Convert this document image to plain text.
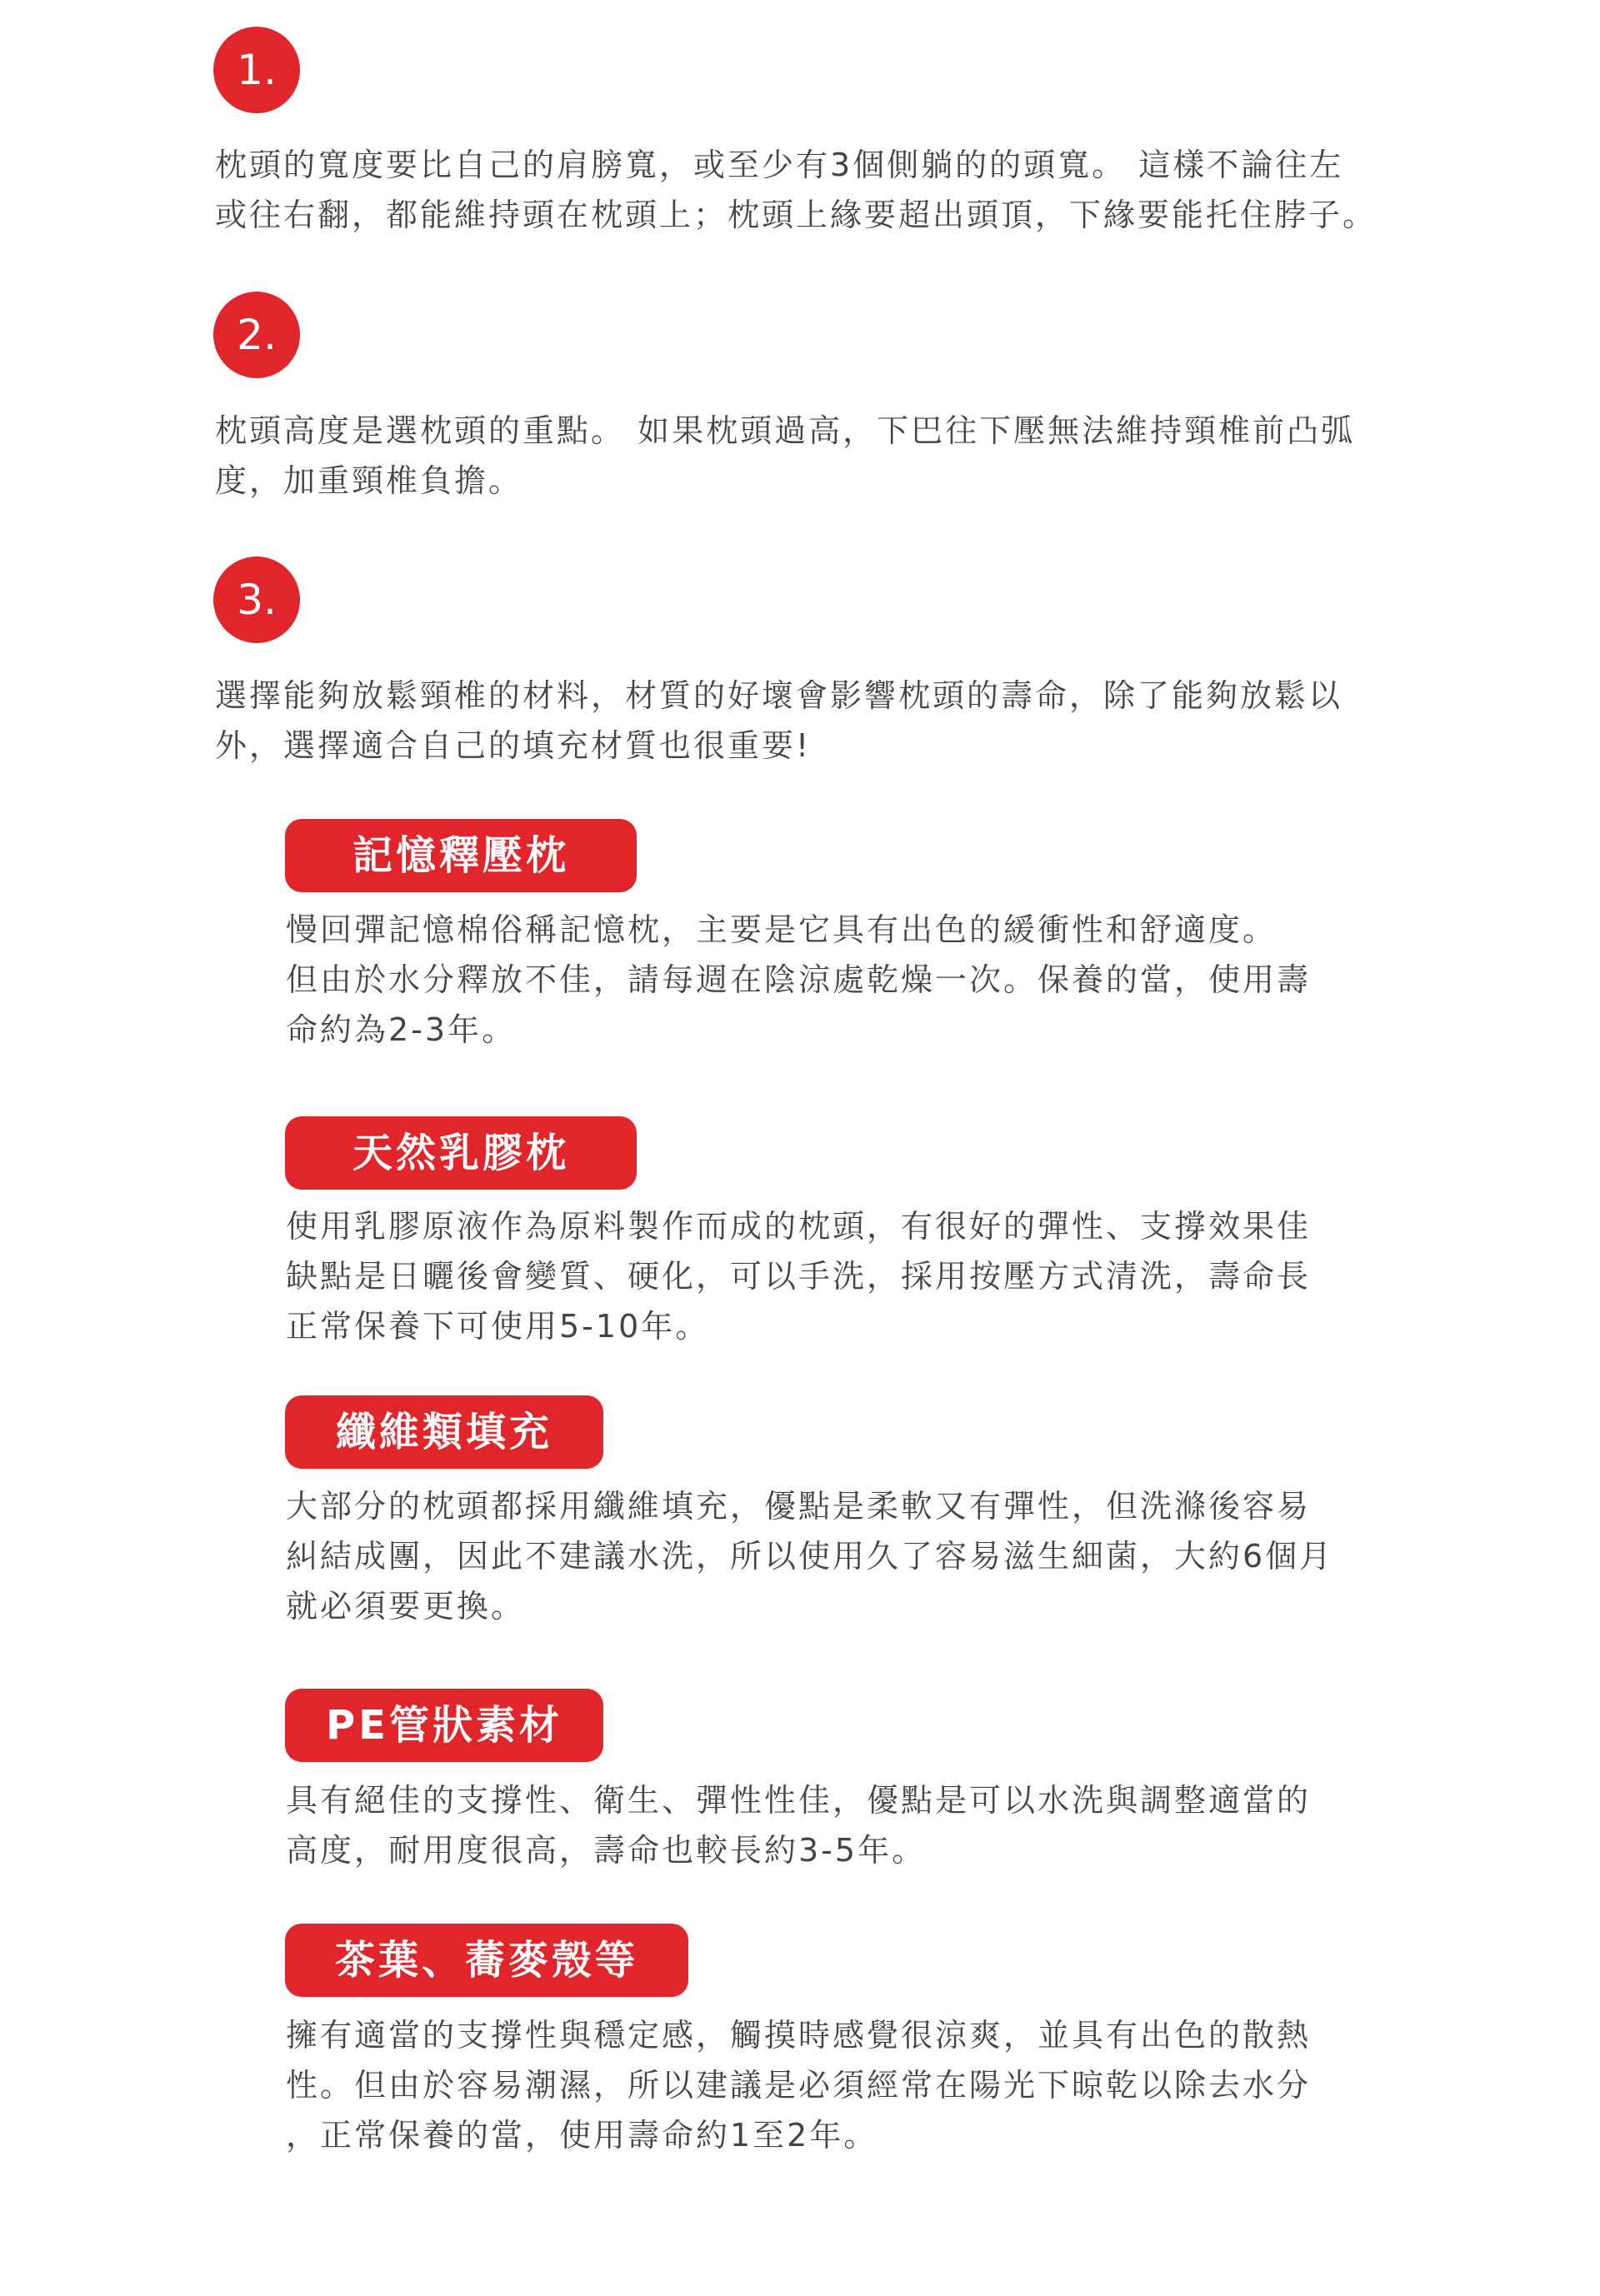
1.
枕頭的寬度要比自己的肩膀寬，或至少有3個側躺的的頭寬。 這樣不論往左
或往右翻，都能維持頭在枕頭上；枕頭上緣要超出頭頂，下緣要能托住脖子。
2.
枕頭高度是選枕頭的重點。 如果枕頭過高，下巴往下壓無法維持頸椎前凸弧
度，加重頸椎負擔。
3.
選擇能夠放鬆頸椎的材料，材質的好壞會影響枕頭的壽命，除了能夠放鬆以
外，選擇適合自己的填充材質也很重要!
記憶釋壓枕
慢回彈記憶棉俗稱記憶枕，主要是它具有出色的緩衝性和舒適度。
但由於水分釋放不佳，請每週在陰涼處乾燥一次。保養的當，使用壽
命約為2-3年。
天然乳膠枕
使用乳膠原液作為原料製作而成的枕頭，有很好的彈性、支撐效果佳
缺點是日曬後會變質、硬化，可以手洗，採用按壓方式清洗，壽命長
正常保養下可使用5-10年。
纖維類填充
大部分的枕頭都採用纖維填充，優點是柔軟又有彈性，但洗滌後容易
糾結成團，因此不建議水洗，所以使用久了容易滋生細菌，大約6個月
就必須要更換。
PE管狀素材
具有絕佳的支撐性、衛生、彈性性佳，優點是可以水洗與調整適當的
高度，耐用度很高，壽命也較長約3-5年。
茶葉、蕎麥殼等
擁有適當的支撐性與穩定感，觸摸時感覺很涼爽，並具有出色的散熱
性。但由於容易潮濕，所以建議是必須經常在陽光下晾乾以除去水分
，正常保養的當，使用壽命約1至2年。
